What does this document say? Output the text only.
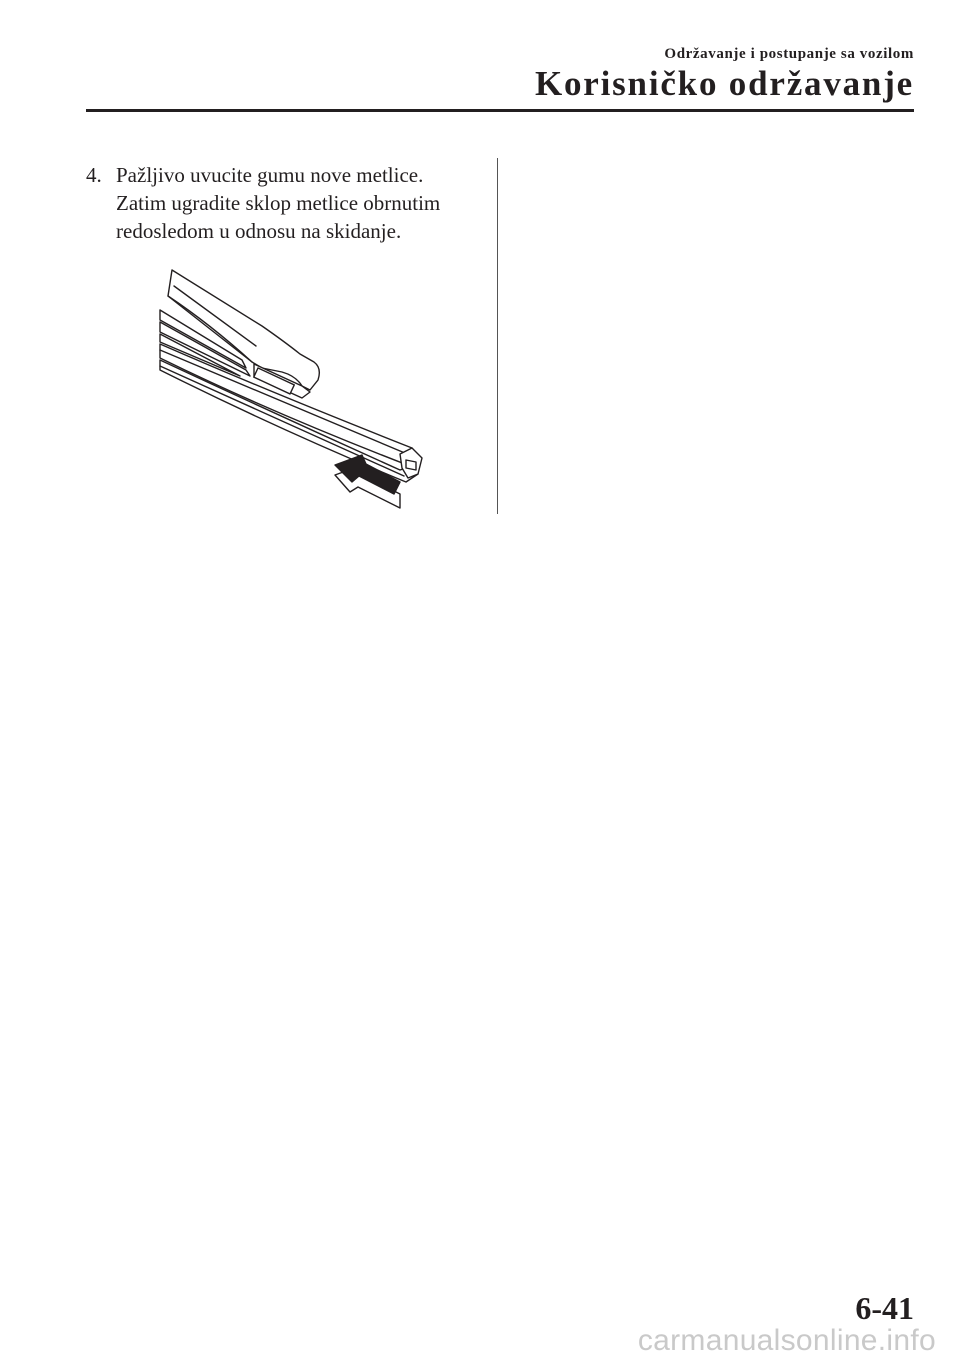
Održavanje i postupanje sa vozilom
Korisničko održavanje
4. Pažljivo uvucite gumu nove metlice.
Zatim ugradite sklop metlice obrnutim
redosledom u odnosu na skidanje.
6-41
carmanualsonline.info
